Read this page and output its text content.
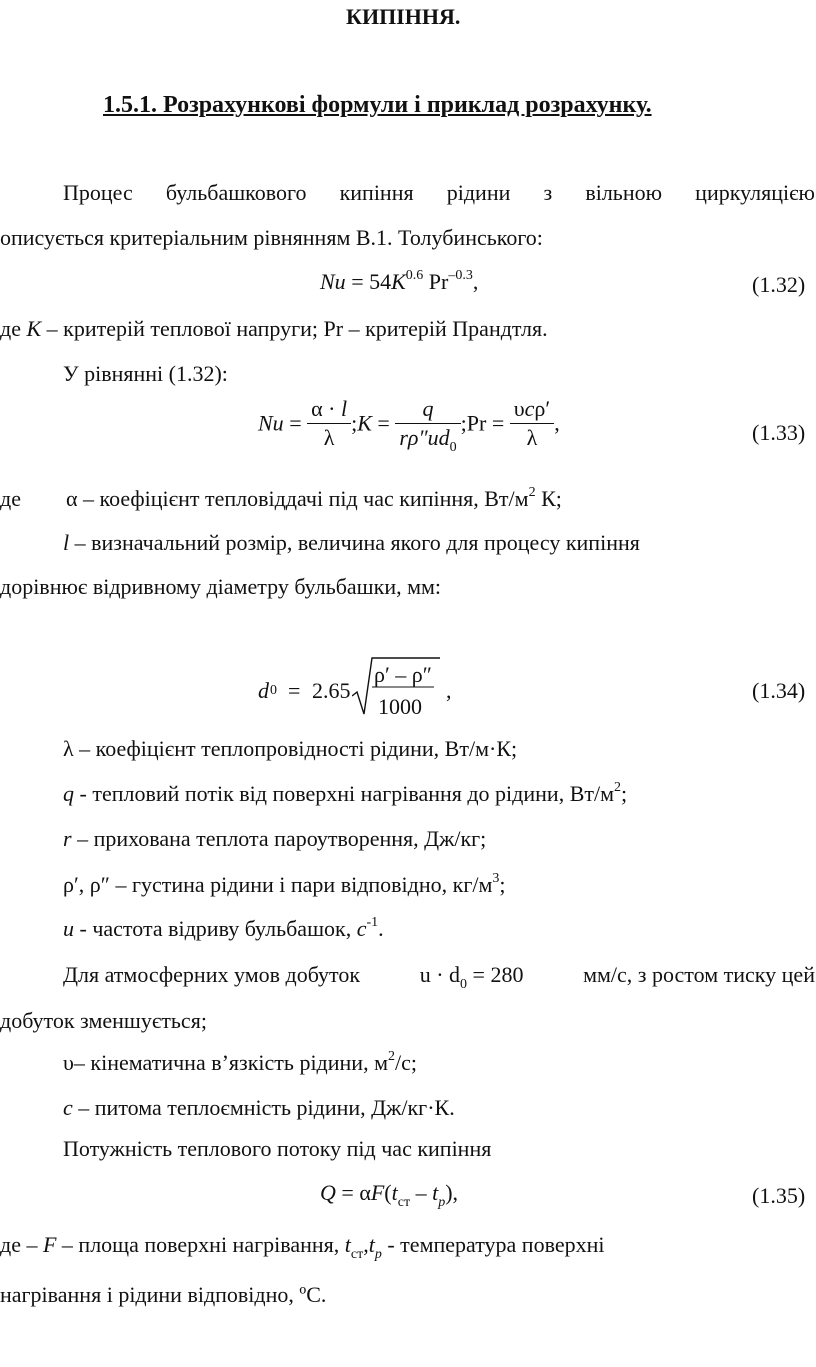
КИПІННЯ.
1.5.1. Розрахункові формули і приклад розрахунку.
Процес бульбашкового кипіння рідини з вільною циркуляцією
описується критеріальним рівнянням В.1. Толубинського:
$Nu = 54K^{0.6}$ $Pr^{-0.3}$,	(1.32)
де K – критерій теплової напруги; Pr – критерій Прандтля.
У рівнянні (1.32):
$Nu = \frac{\alpha \cdot l}{\lambda}$ ;K = $\frac{q}{r\rho''ud_0}$ ;Pr = $\frac{\text{υcρ′}}{\lambda}$ ,	(1.33)
де α – коефіцієнт тепловіддачі під час кипіння, $Вт/м^2$ К;
l – визначальний розмір, величина якого для процесу кипіння
дорівнює відривному діаметру бульбашки, мм:
d 0 = 2.65
ρ′ – ρ″
1000
,	(1.34)
λ – коефіцієнт теплопровідності рідини, Вт/м·К;
q - тепловий потік від поверхні нагрівання до рідини, $Вт/м^2$;
r – прихована теплота пароутворення, Дж/кг;
ρ′, ρ″ – густина рідини і пари відповідно, $кг/м^3$;
u - частота відриву бульбашок, $c^{-1}$.
Для атмосферних умов добуток	$u \cdot d_0 = 280$	мм/с, з ростом тиску цей
добуток зменшується;
υ– кінематична в’язкість рідини, $м^2/с$;
c – питома теплоємність рідини, Дж/кг·К.
Потужність теплового потоку під час кипіння
$Q = \alpha F(t_{ст} - t_p)$,	(1.35)
де – F – площа поверхні нагрівання, $t_{ст},t_p$ - температура поверхні
нагрівання і рідини відповідно, ºС.
